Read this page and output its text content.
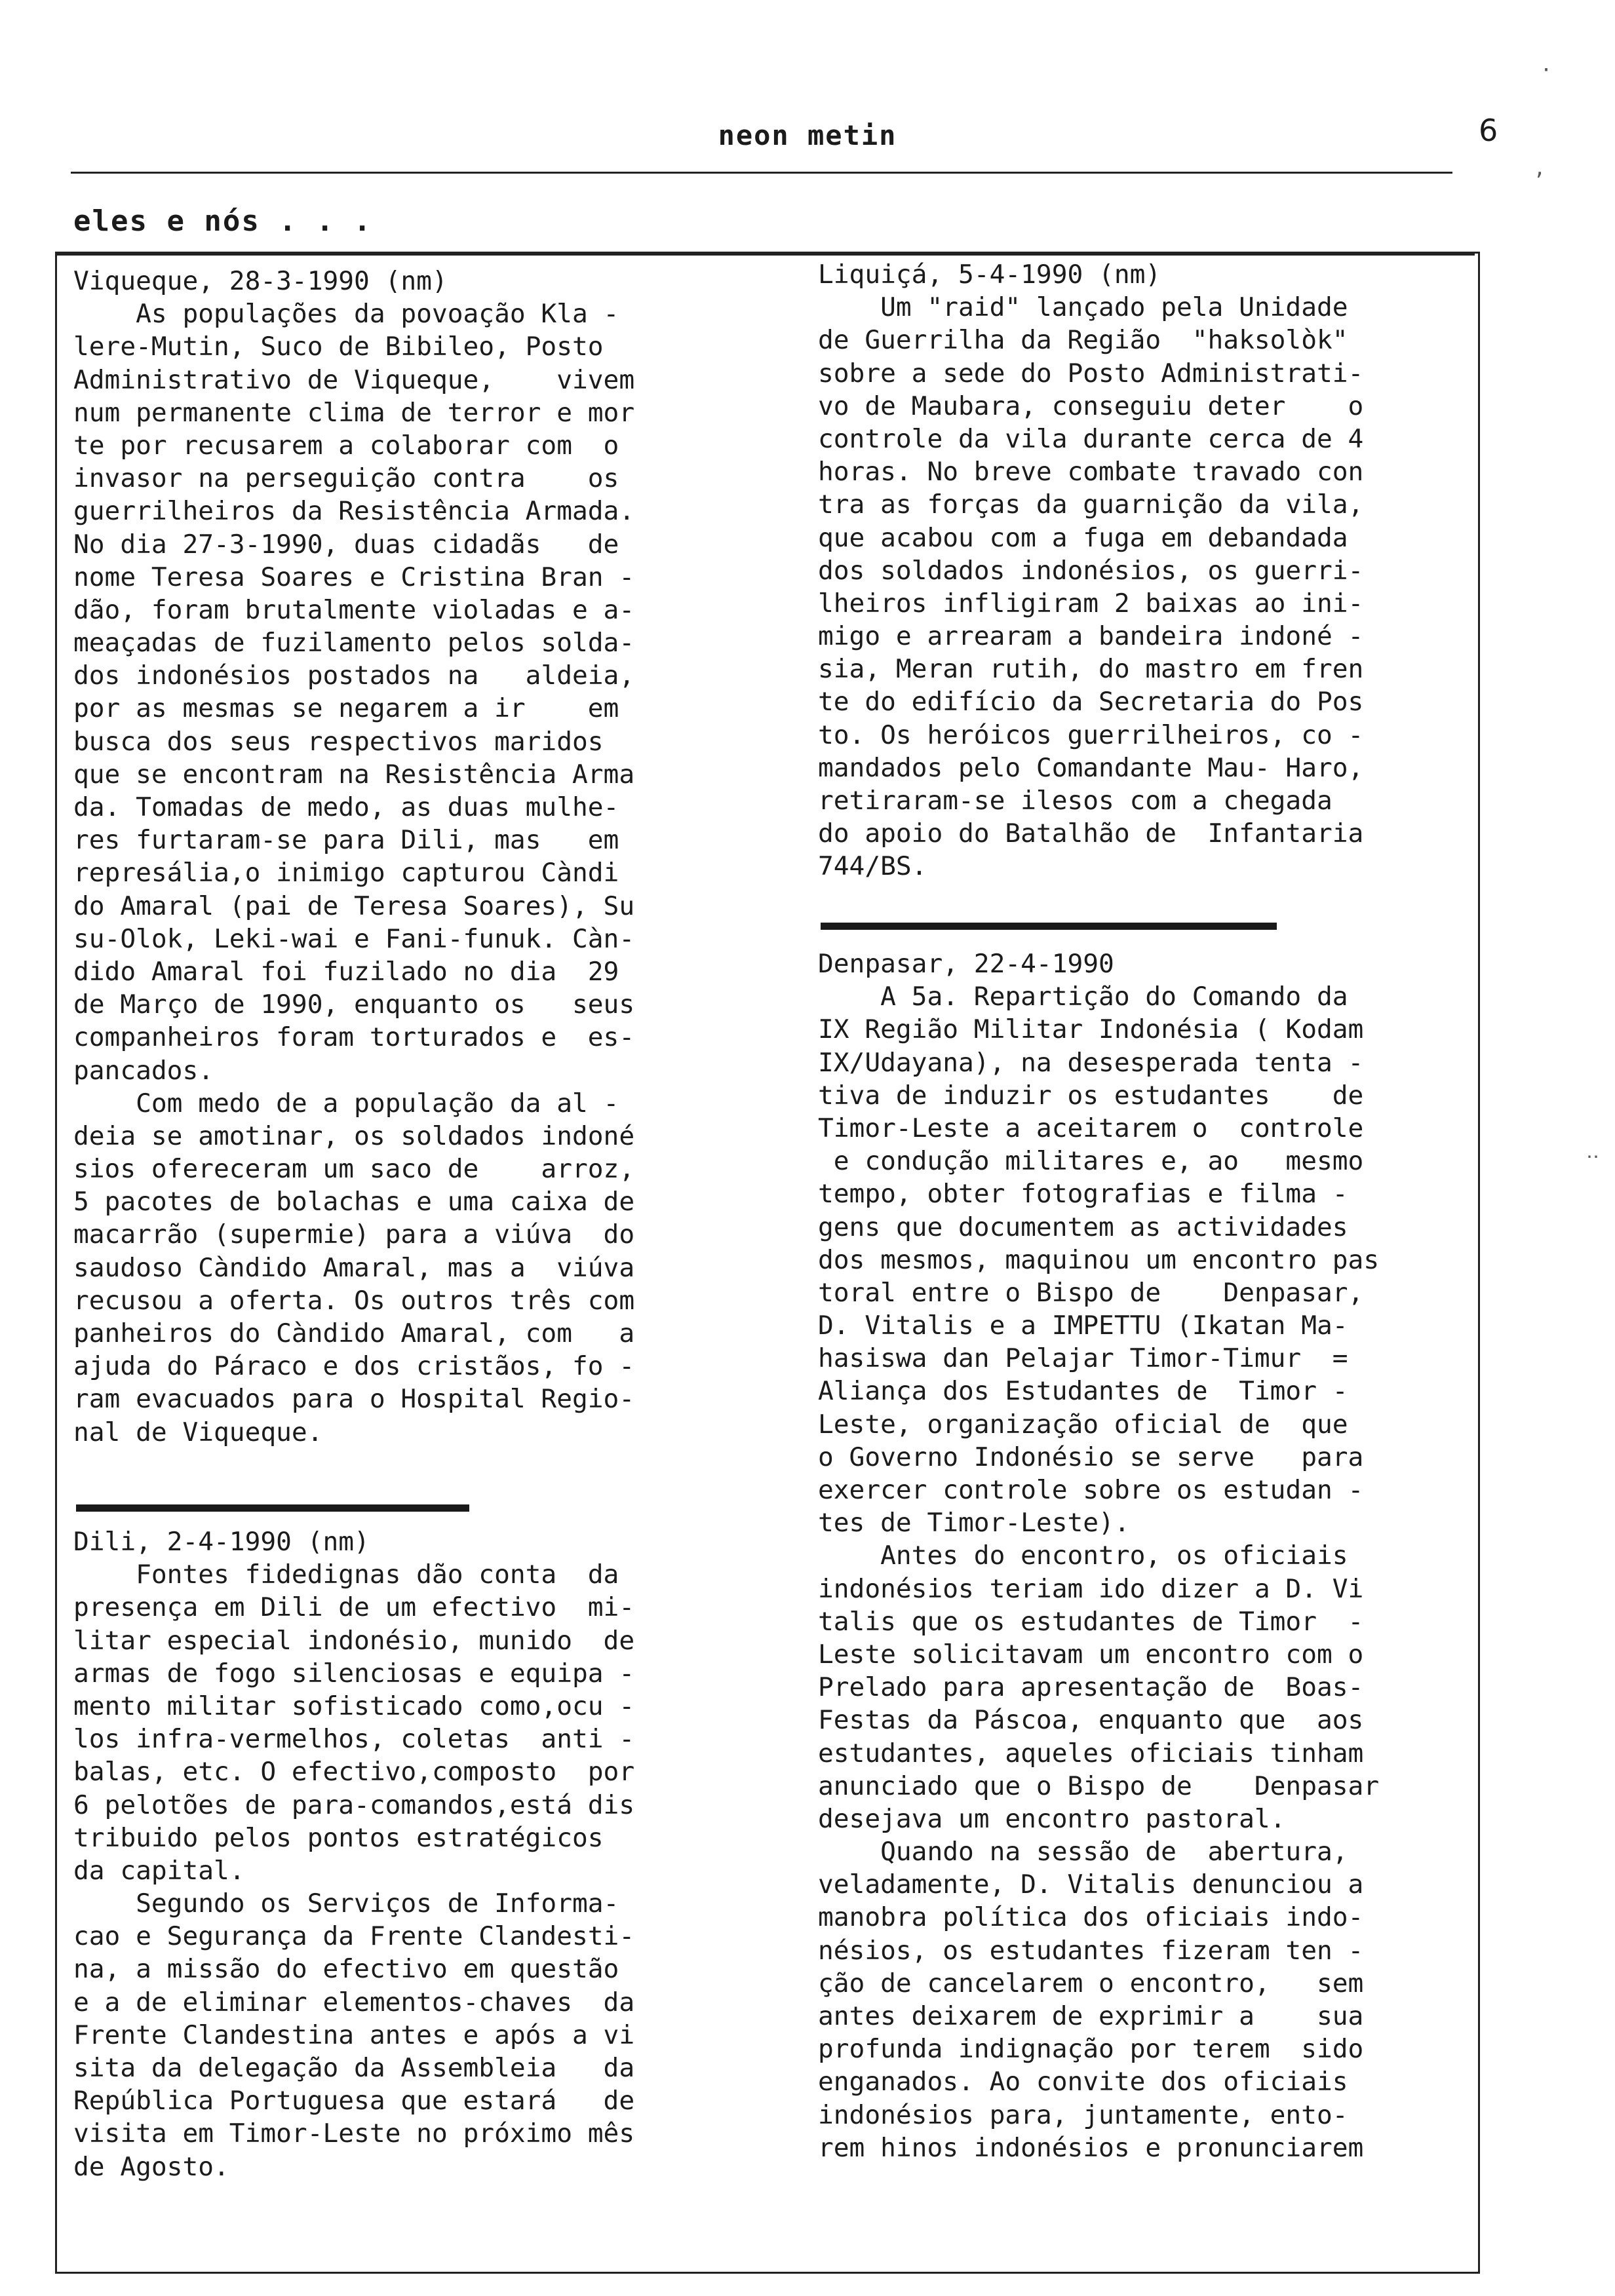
neon metin	6
eles e nós . . .
Viqueque, 28-3-1990 (nm)
As populações da povoação Kla -
lere-Mutin, Suco de Bibileo, Posto
Administrativo de Viqueque,    vivem
num permanente clima de terror e mor
te por recusarem a colaborar com  o
invasor na perseguição contra    os
guerrilheiros da Resistência Armada.
No dia 27-3-1990, duas cidadãs   de
nome Teresa Soares e Cristina Bran -
dão, foram brutalmente violadas e a-
meaçadas de fuzilamento pelos solda-
dos indonésios postados na   aldeia,
por as mesmas se negarem a ir    em
busca dos seus respectivos maridos
que se encontram na Resistência Arma
da. Tomadas de medo, as duas mulhe-
res furtaram-se para Dili, mas   em
represália,o inimigo capturou Càndi
do Amaral (pai de Teresa Soares), Su
su-Olok, Leki-wai e Fani-funuk. Càn-
dido Amaral foi fuzilado no dia  29
de Março de 1990, enquanto os   seus
companheiros foram torturados e  es-
pancados.
Com medo de a população da al -
deia se amotinar, os soldados indoné
sios ofereceram um saco de    arroz,
5 pacotes de bolachas e uma caixa de
macarrão (supermie) para a viúva  do
saudoso Càndido Amaral, mas a  viúva
recusou a oferta. Os outros três com
panheiros do Càndido Amaral, com   a
ajuda do Páraco e dos cristãos, fo -
ram evacuados para o Hospital Regio-
nal de Viqueque.
Dili, 2-4-1990 (nm)
Fontes fidedignas dão conta  da
presença em Dili de um efectivo  mi-
litar especial indonésio, munido  de
armas de fogo silenciosas e equipa -
mento militar sofisticado como,ocu -
los infra-vermelhos, coletas  anti -
balas, etc. O efectivo,composto  por
6 pelotões de para-comandos,está dis
tribuido pelos pontos estratégicos
da capital.
Segundo os Serviços de Informa-
cao e Segurança da Frente Clandesti-
na, a missão do efectivo em questão
e a de eliminar elementos-chaves  da
Frente Clandestina antes e após a vi
sita da delegação da Assembleia   da
República Portuguesa que estará   de
visita em Timor-Leste no próximo mês
de Agosto.
Liquiçá, 5-4-1990 (nm)
Um "raid" lançado pela Unidade
de Guerrilha da Região  "haksolòk"
sobre a sede do Posto Administrati-
vo de Maubara, conseguiu deter    o
controle da vila durante cerca de 4
horas. No breve combate travado con
tra as forças da guarnição da vila,
que acabou com a fuga em debandada
dos soldados indonésios, os guerri-
lheiros infligiram 2 baixas ao ini-
migo e arrearam a bandeira indoné -
sia, Meran rutih, do mastro em fren
te do edifício da Secretaria do Pos
to. Os heróicos guerrilheiros, co -
mandados pelo Comandante Mau- Haro,
retiraram-se ilesos com a chegada
do apoio do Batalhão de  Infantaria
744/BS.
Denpasar, 22-4-1990
A 5a. Repartição do Comando da
IX Região Militar Indonésia ( Kodam
IX/Udayana), na desesperada tenta -
tiva de induzir os estudantes    de
Timor-Leste a aceitarem o  controle
e condução militares e, ao   mesmo
tempo, obter fotografias e filma -
gens que documentem as actividades
dos mesmos, maquinou um encontro pas
toral entre o Bispo de    Denpasar,
D. Vitalis e a IMPETTU (Ikatan Ma-
hasiswa dan Pelajar Timor-Timur  =
Aliança dos Estudantes de  Timor -
Leste, organização oficial de  que
o Governo Indonésio se serve   para
exercer controle sobre os estudan -
tes de Timor-Leste).
Antes do encontro, os oficiais
indonésios teriam ido dizer a D. Vi
talis que os estudantes de Timor  -
Leste solicitavam um encontro com o
Prelado para apresentação de  Boas-
Festas da Páscoa, enquanto que  aos
estudantes, aqueles oficiais tinham
anunciado que o Bispo de    Denpasar
desejava um encontro pastoral.
Quando na sessão de  abertura,
veladamente, D. Vitalis denunciou a
manobra política dos oficiais indo-
nésios, os estudantes fizeram ten -
ção de cancelarem o encontro,   sem
antes deixarem de exprimir a    sua
profunda indignação por terem  sido
enganados. Ao convite dos oficiais
indonésios para, juntamente, ento-
rem hinos indonésios e pronunciarem
·
,
‥
